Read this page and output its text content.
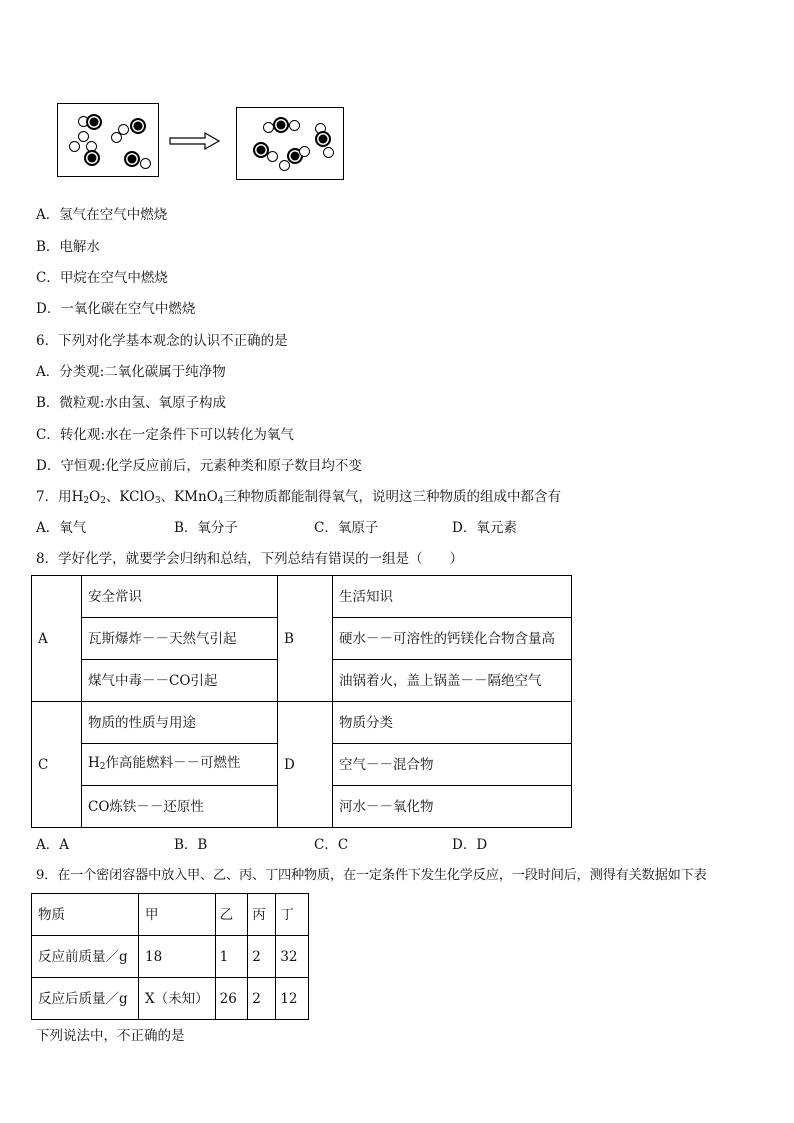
A．氢气在空气中燃烧
B．电解水
C．甲烷在空气中燃烧
D．一氧化碳在空气中燃烧
6．下列对化学基本观念的认识不正确的是
A．分类观:二氧化碳属于纯净物
B．微粒观:水由氢、氧原子构成
C．转化观:水在一定条件下可以转化为氧气
D．守恒观:化学反应前后，元素种类和原子数目均不变
7．用$H_2O_2$、KClO$_3$、KMnO$_4$三种物质都能制得氧气，说明这三种物质的组成中都含有
A．氧气	B．氧分子	C．氧原子	D．氧元素
8．学好化学，就要学会归纳和总结，下列总结有错误的一组是（　　）
A	安全常识	B	生活知识
	瓦斯爆炸－－天然气引起		硬水－－可溶性的钙镁化合物含量高
	煤气中毒－－CO引起		油锅着火，盖上锅盖－－隔绝空气
C	物质的性质与用途	D	物质分类
	$H_2$作高能燃料－－可燃性		空气－－混合物
	CO炼铁－－还原性		河水－－氧化物
A．A	B．B	C．C	D．D
9．在一个密闭容器中放入甲、乙、丙、丁四种物质，在一定条件下发生化学反应，一段时间后，测得有关数据如下表
物质	甲	乙	丙	丁
反应前质量／g	18	1	2	32
反应后质量／g	X（未知）	26	2	12
下列说法中，不正确的是
